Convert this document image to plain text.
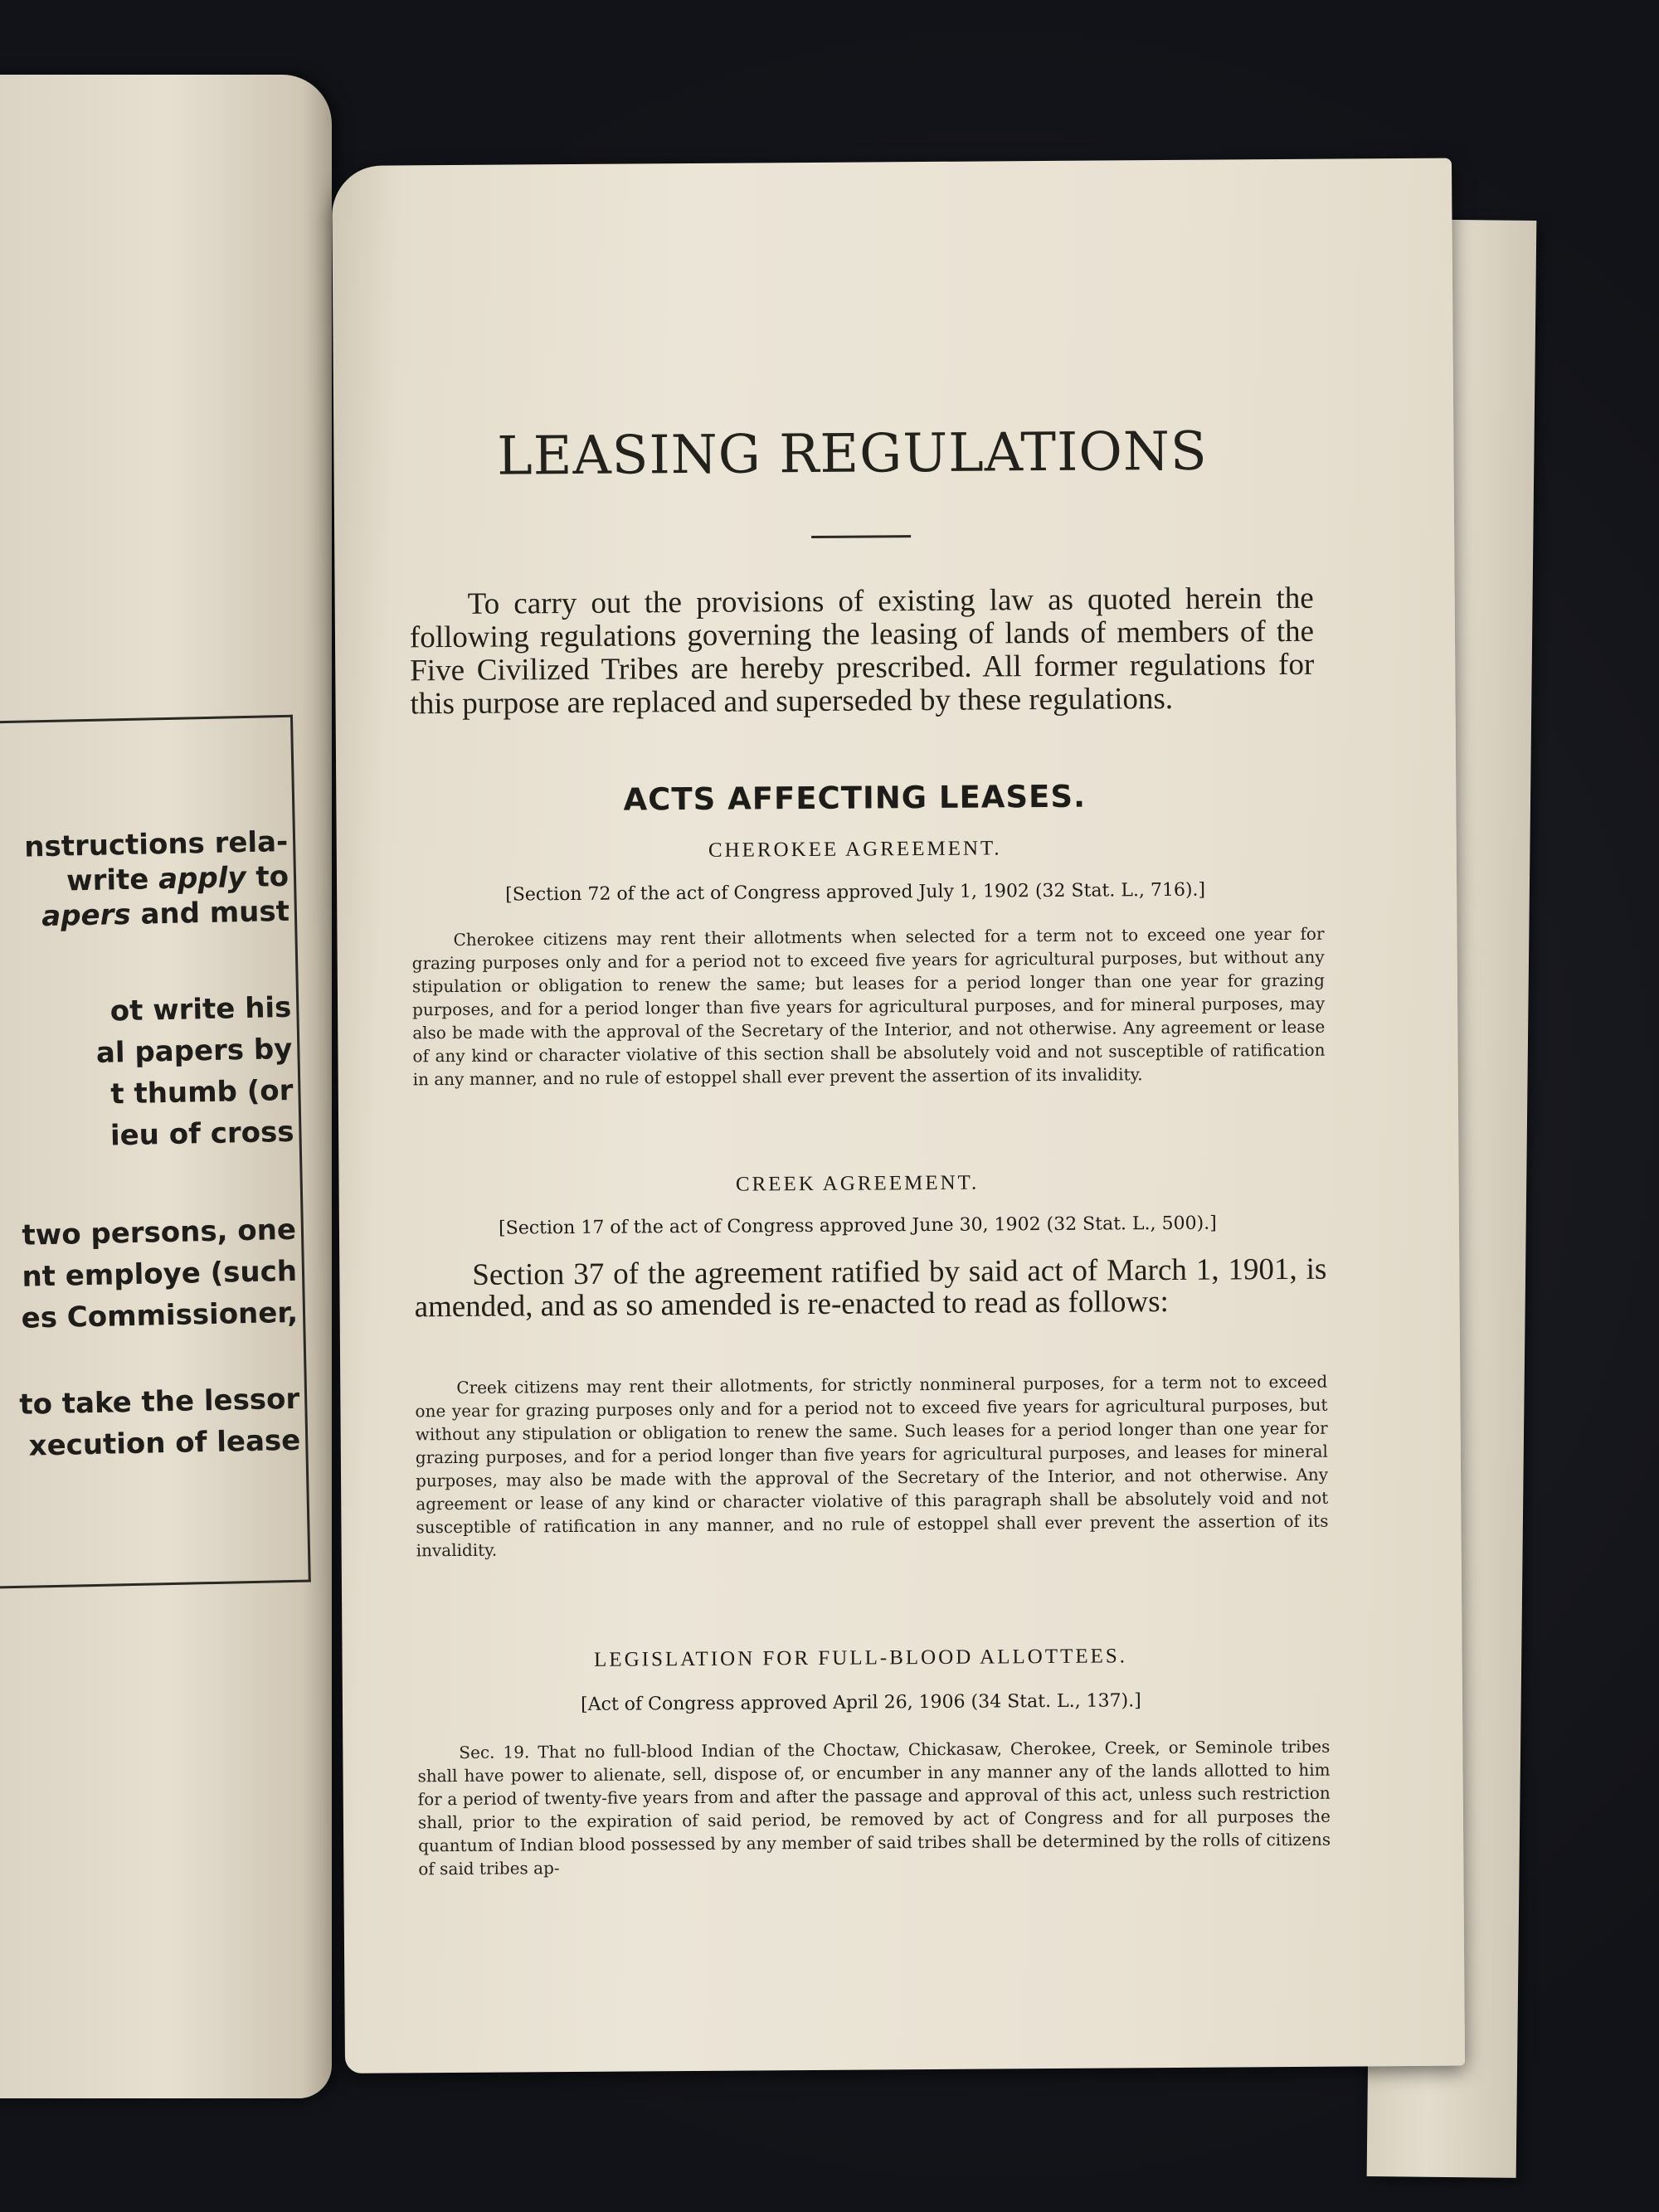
nstructions rela-
write apply to
apers and must
ot write his
al papers by
t thumb (or
ieu of cross
two persons, one
nt employe (such
es Commissioner,
to take the lessor
xecution of lease
LEASING REGULATIONS
To carry out the provisions of existing law as quoted herein the following regulations governing the leasing of lands of members of the Five Civilized Tribes are hereby prescribed. All former regulations for this purpose are replaced and superseded by these regulations.
ACTS AFFECTING LEASES.
CHEROKEE AGREEMENT.
[Section 72 of the act of Congress approved July 1, 1902 (32 Stat. L., 716).]
Cherokee citizens may rent their allotments when selected for a term not to exceed one year for grazing purposes only and for a period not to exceed five years for agricultural purposes, but without any stipulation or obligation to renew the same; but leases for a period longer than one year for grazing purposes, and for a period longer than five years for agricultural purposes, and for mineral purposes, may also be made with the approval of the Secretary of the Interior, and not otherwise. Any agreement or lease of any kind or character violative of this section shall be absolutely void and not susceptible of ratification in any manner, and no rule of estoppel shall ever prevent the assertion of its invalidity.
CREEK AGREEMENT.
[Section 17 of the act of Congress approved June 30, 1902 (32 Stat. L., 500).]
Section 37 of the agreement ratified by said act of March 1, 1901, is amended, and as so amended is re-enacted to read as follows:
Creek citizens may rent their allotments, for strictly nonmineral purposes, for a term not to exceed one year for grazing purposes only and for a period not to exceed five years for agricultural purposes, but without any stipulation or obligation to renew the same. Such leases for a period longer than one year for grazing purposes, and for a period longer than five years for agricultural purposes, and leases for mineral purposes, may also be made with the approval of the Secretary of the Interior, and not otherwise. Any agreement or lease of any kind or character violative of this paragraph shall be absolutely void and not susceptible of ratification in any manner, and no rule of estoppel shall ever prevent the assertion of its invalidity.
LEGISLATION FOR FULL-BLOOD ALLOTTEES.
[Act of Congress approved April 26, 1906 (34 Stat. L., 137).]
Sec. 19. That no full-blood Indian of the Choctaw, Chickasaw, Cherokee, Creek, or Seminole tribes shall have power to alienate, sell, dispose of, or encumber in any manner any of the lands allotted to him for a period of twenty-five years from and after the passage and approval of this act, unless such restriction shall, prior to the expiration of said period, be removed by act of Congress and for all purposes the quantum of Indian blood possessed by any member of said tribes shall be determined by the rolls of citizens of said tribes ap-
